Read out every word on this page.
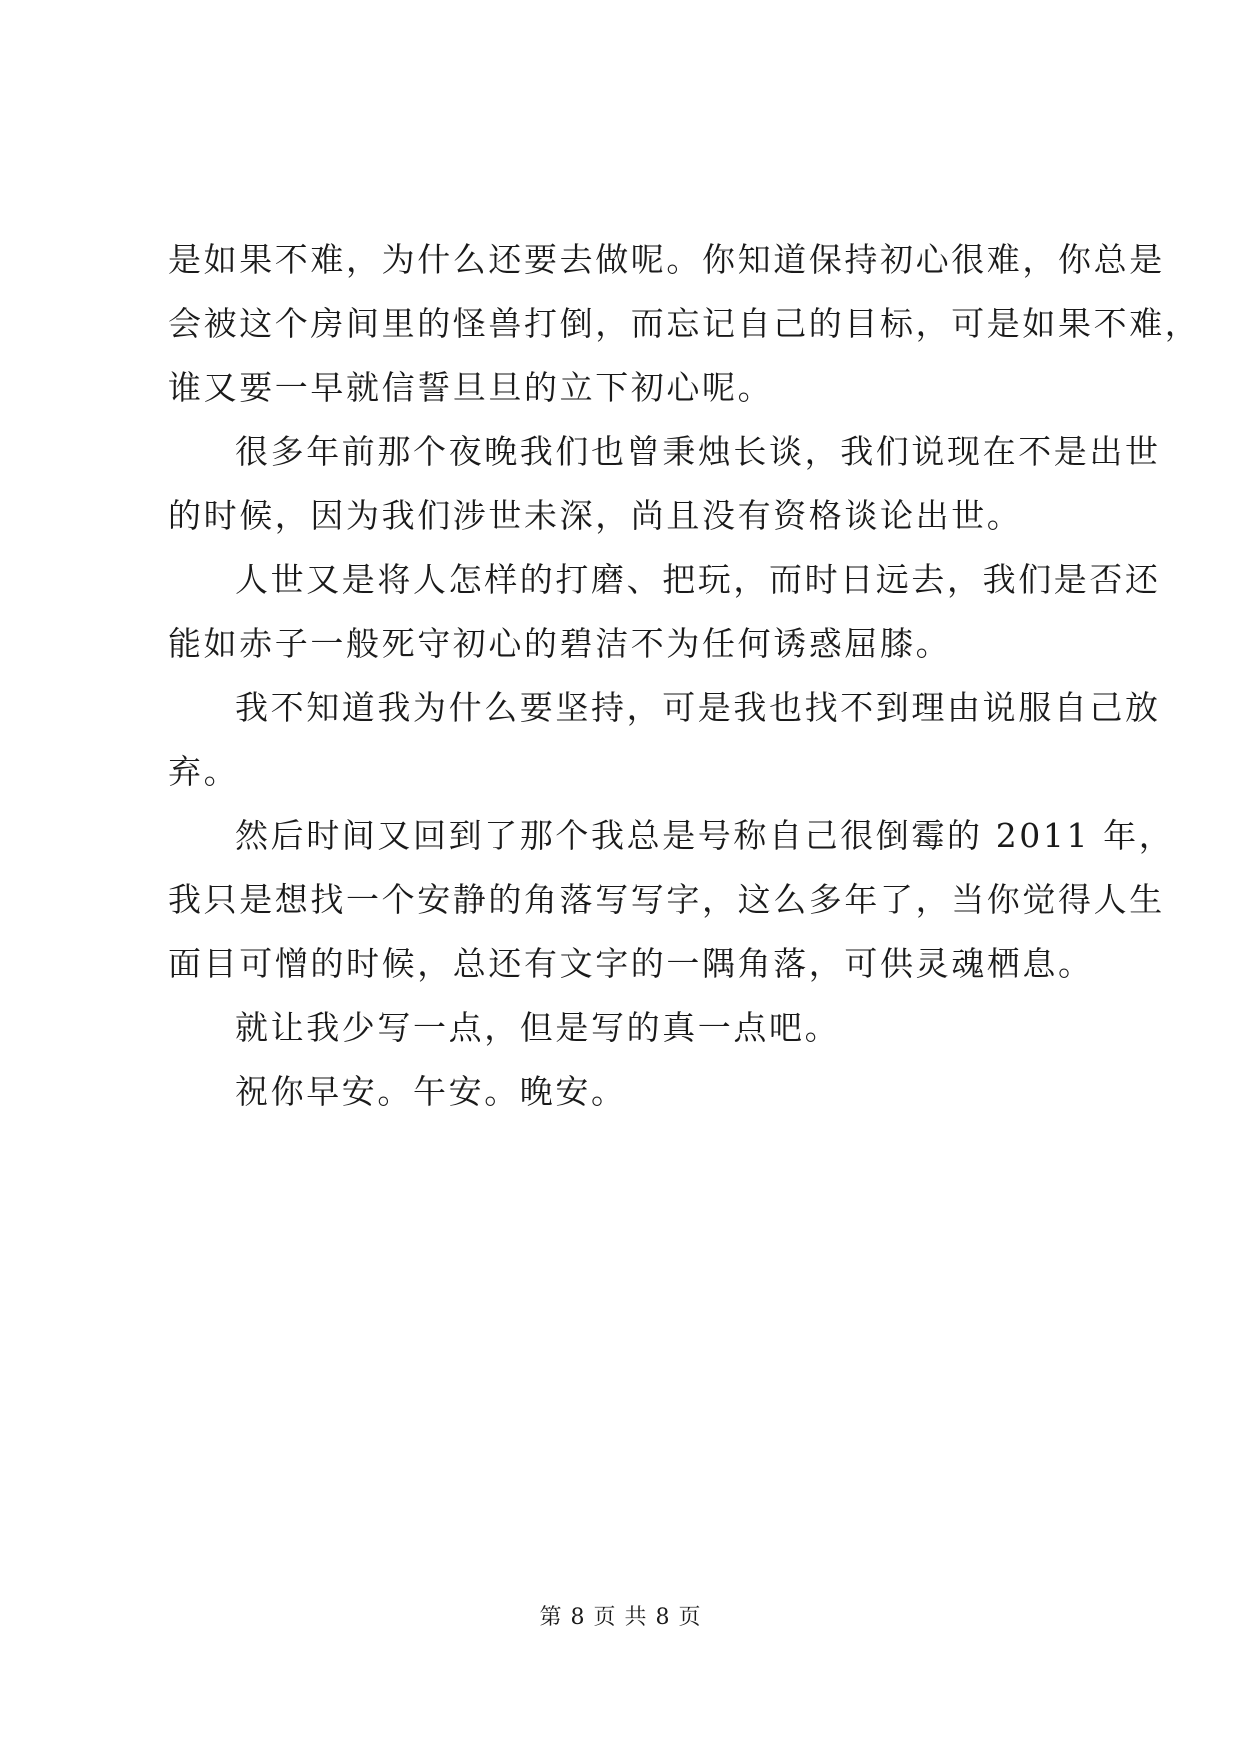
是如果不难，为什么还要去做呢。你知道保持初心很难，你总是
会被这个房间里的怪兽打倒，而忘记自己的目标，可是如果不难，
谁又要一早就信誓旦旦的立下初心呢。
很多年前那个夜晚我们也曾秉烛长谈，我们说现在不是出世
的时候，因为我们涉世未深，尚且没有资格谈论出世。
人世又是将人怎样的打磨、把玩，而时日远去，我们是否还
能如赤子一般死守初心的碧洁不为任何诱惑屈膝。
我不知道我为什么要坚持，可是我也找不到理由说服自己放
弃。
然后时间又回到了那个我总是号称自己很倒霉的 2011 年，
我只是想找一个安静的角落写写字，这么多年了，当你觉得人生
面目可憎的时候，总还有文字的一隅角落，可供灵魂栖息。
就让我少写一点，但是写的真一点吧。
祝你早安。午安。晚安。
第 8 页 共 8 页
